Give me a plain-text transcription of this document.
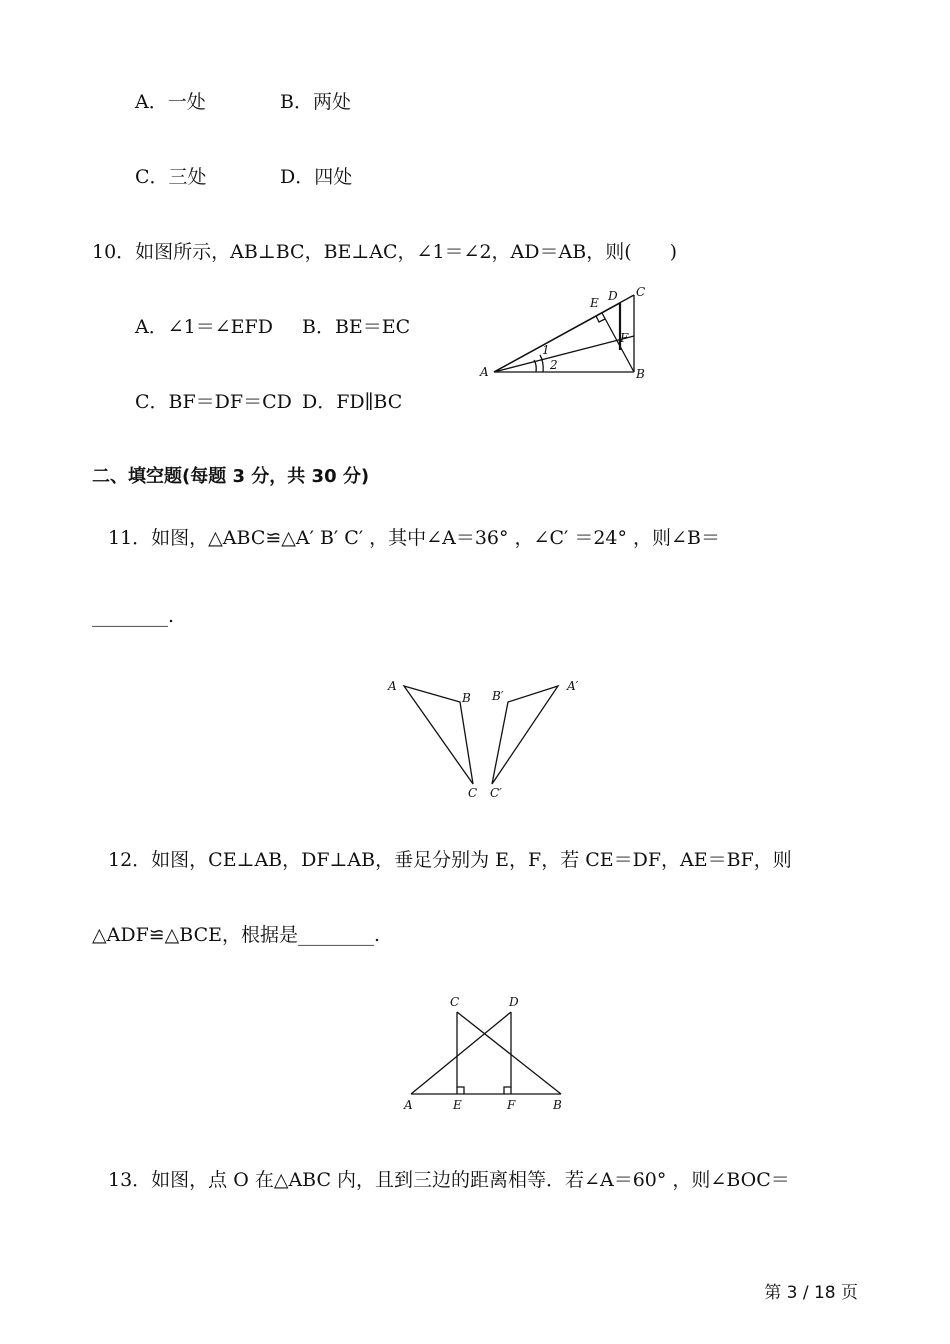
A．一处	B．两处
C．三处	D．四处
10．如图所示，AB⊥BC，BE⊥AC，∠1＝∠2，AD＝AB，则(　　)
A．∠1＝∠EFD B．BE＝EC
C．BF＝DF＝CD D．FD∥BC
A	B
C
D
E
F
1
2
二、填空题(每题 3 分，共 30 分)
11．如图，△ABC≌△A′ B′ C′ ，其中∠A＝36° ，∠C′ ＝24° ，则∠B＝
________.
A
B
C
A′
B′
C′
12．如图，CE⊥AB，DF⊥AB，垂足分别为 E，F，若 CE＝DF，AE＝BF，则
△ADF≌△BCE，根据是________.
A	B
C	D
E	F
13．如图，点 O 在△ABC 内，且到三边的距离相等．若∠A＝60° ，则∠BOC＝
第 3 / 18 页
